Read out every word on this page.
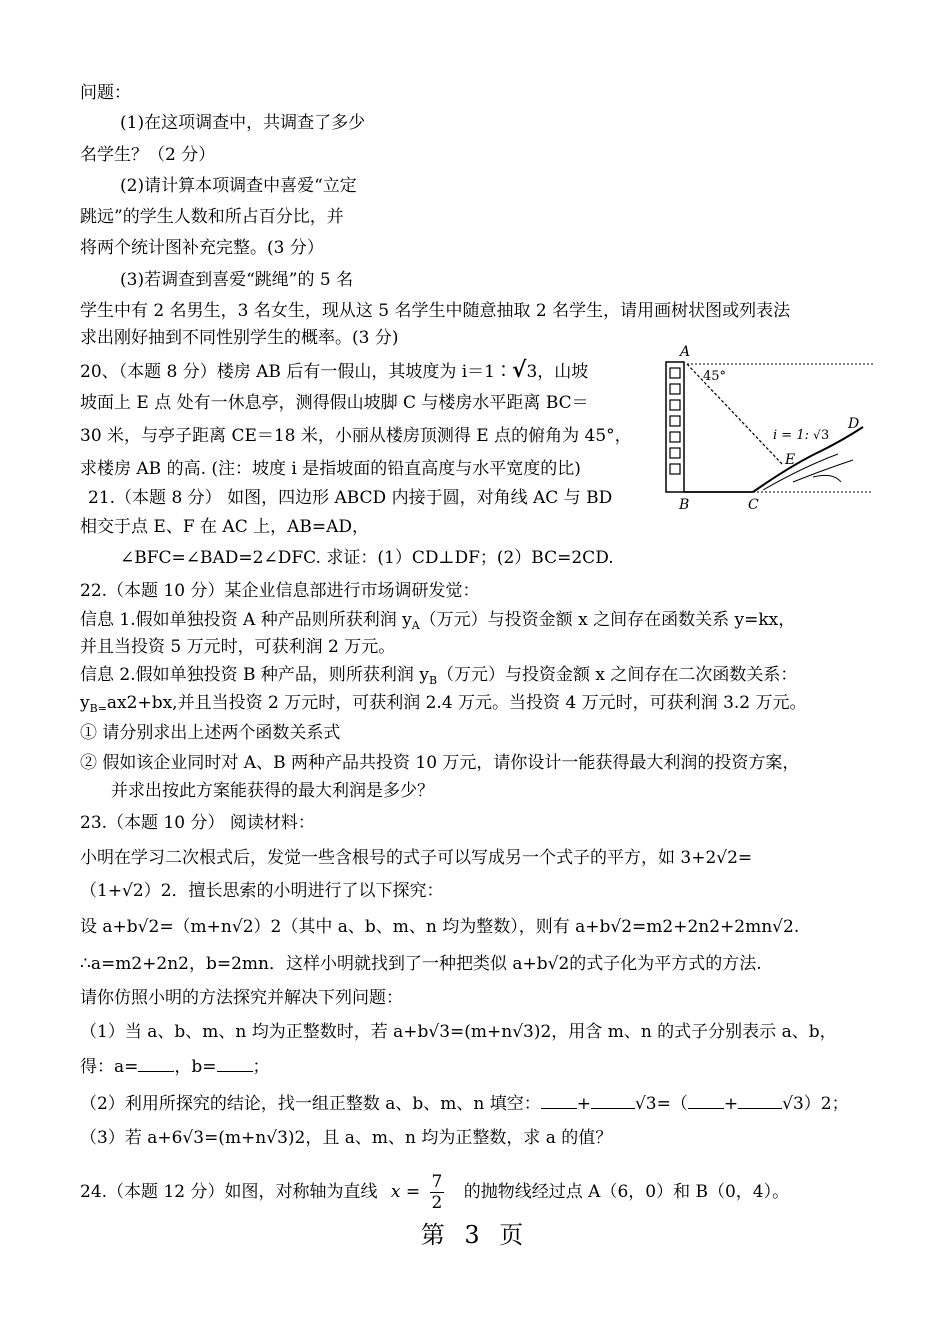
问题：
(1)在这项调查中，共调查了多少
名学生？（2 分）
(2)请计算本项调查中喜爱“立定
跳远”的学生人数和所占百分比，并
将两个统计图补充完整。(3 分）
(3)若调查到喜爱“跳绳”的 5 名
学生中有 2 名男生，3 名女生，现从这 5 名学生中随意抽取 2 名学生，请用画树状图或列表法
求出刚好抽到不同性别学生的概率。(3 分)
20、（本题 8 分）楼房 AB 后有一假山，其坡度为 i＝1∶√3，山坡
坡面上 E 点 处有一休息亭，测得假山坡脚 C 与楼房水平距离 BC＝
30 米，与亭子距离 CE＝18 米，小丽从楼房顶测得 E 点的俯角为 45°，
求楼房 AB 的高. (注：坡度 i 是指坡面的铅直高度与水平宽度的比)
A
B	C
D
E
45°
i = 1: √ 3
21.（本题 8 分） 如图，四边形 ABCD 内接于圆，对角线 AC 与 BD
相交于点 E、F 在 AC 上，AB=AD，
∠BFC=∠BAD=2∠DFC. 求证：(1）CD⊥DF；(2）BC=2CD.
22.（本题 10 分）某企业信息部进行市场调研发觉：
信息 1.假如单独投资 A 种产品则所获利润 $y_A$（万元）与投资金额 x 之间存在函数关系 y=kx，
并且当投资 5 万元时，可获利润 2 万元。
信息 2.假如单独投资 B 种产品，则所获利润 $y_B$（万元）与投资金额 x 之间存在二次函数关系：
$y_{B=}ax2+bx$,并且当投资 2 万元时，可获利润 2.4 万元。当投资 4 万元时，可获利润 3.2 万元。
① 请分别求出上述两个函数关系式
② 假如该企业同时对 A、B 两种产品共投资 10 万元，请你设计一能获得最大利润的投资方案，
并求出按此方案能获得的最大利润是多少？
23.（本题 10 分） 阅读材料：
小明在学习二次根式后，发觉一些含根号的式子可以写成另一个式子的平方，如 3+2√2=
（1+√2）2．擅长思索的小明进行了以下探究：
设 a+b√2=（m+n√2）2（其中 a、b、m、n 均为整数），则有 a+b√2=m2+2n2+2mn√2.
∴a=m2+2n2，b=2mn．这样小明就找到了一种把类似 a+b√2的式子化为平方式的方法.
请你仿照小明的方法探究并解决下列问题：
（1）当 a、b、m、n 均为正整数时，若 a+b√3=(m+n√3)2，用含 m、n 的式子分别表示 a、b，
得：a= ，b= ；
（2）利用所探究的结论，找一组正整数 a、b、m、n 填空： +	√3=（ +	√3）2；
（3）若 a+6√3=(m+n√3)2，且 a、m、n 均为正整数，求 a 的值？
24.（本题 12 分）如图，对称轴为直线 $x = \frac{7}{2}$ 的抛物线经过点 A（6，0）和 B（0，4）。
第 3 页
